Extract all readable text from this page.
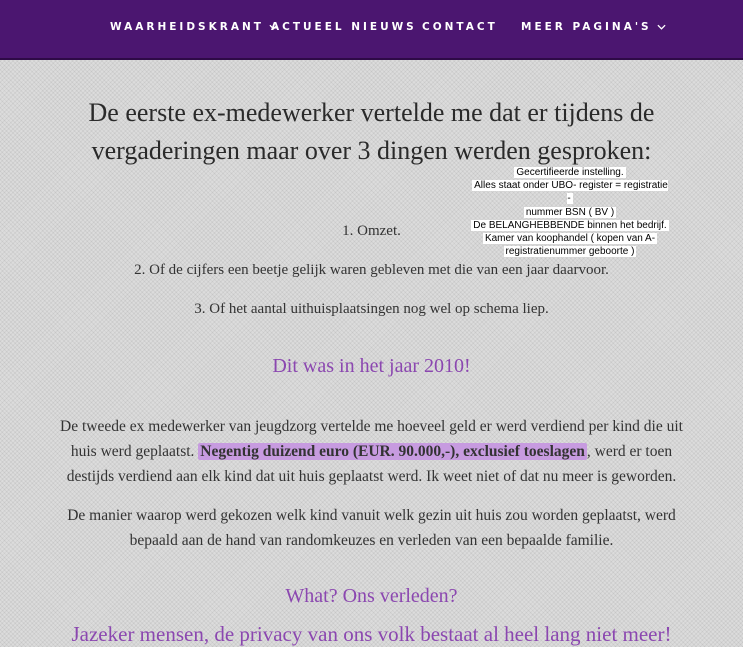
WAARHEIDSKRANT ACTUEEL NIEUWS CONTACT MEER PAGINA'S
De eerste ex-medewerker vertelde me dat er tijdens de vergaderingen maar over 3 dingen werden gesproken:
Gecertifieerde instelling.
Alles staat onder UBO- register = registratie -
nummer BSN ( BV )
De BELANGHEBBENDE binnen het bedrijf.
Kamer van koophandel ( kopen van A-
registratienummer geboorte )
1. Omzet.
2. Of de cijfers een beetje gelijk waren gebleven met die van een jaar daarvoor.
3. Of het aantal uithuisplaatsingen nog wel op schema liep.
Dit was in het jaar 2010!

De tweede ex medewerker van jeugdzorg vertelde me hoeveel geld er werd verdiend per kind die uit huis werd geplaatst. Negentig duizend euro (EUR. 90.000,-), exclusief toeslagen , werd er toen destijds verdiend aan elk kind dat uit huis geplaatst werd. Ik weet niet of dat nu meer is geworden.

De manier waarop werd gekozen welk kind vanuit welk gezin uit huis zou worden geplaatst, werd bepaald aan de hand van randomkeuzes en verleden van een bepaalde familie.

What? Ons verleden?
Jazeker mensen, de privacy van ons volk bestaat al heel lang niet meer!
